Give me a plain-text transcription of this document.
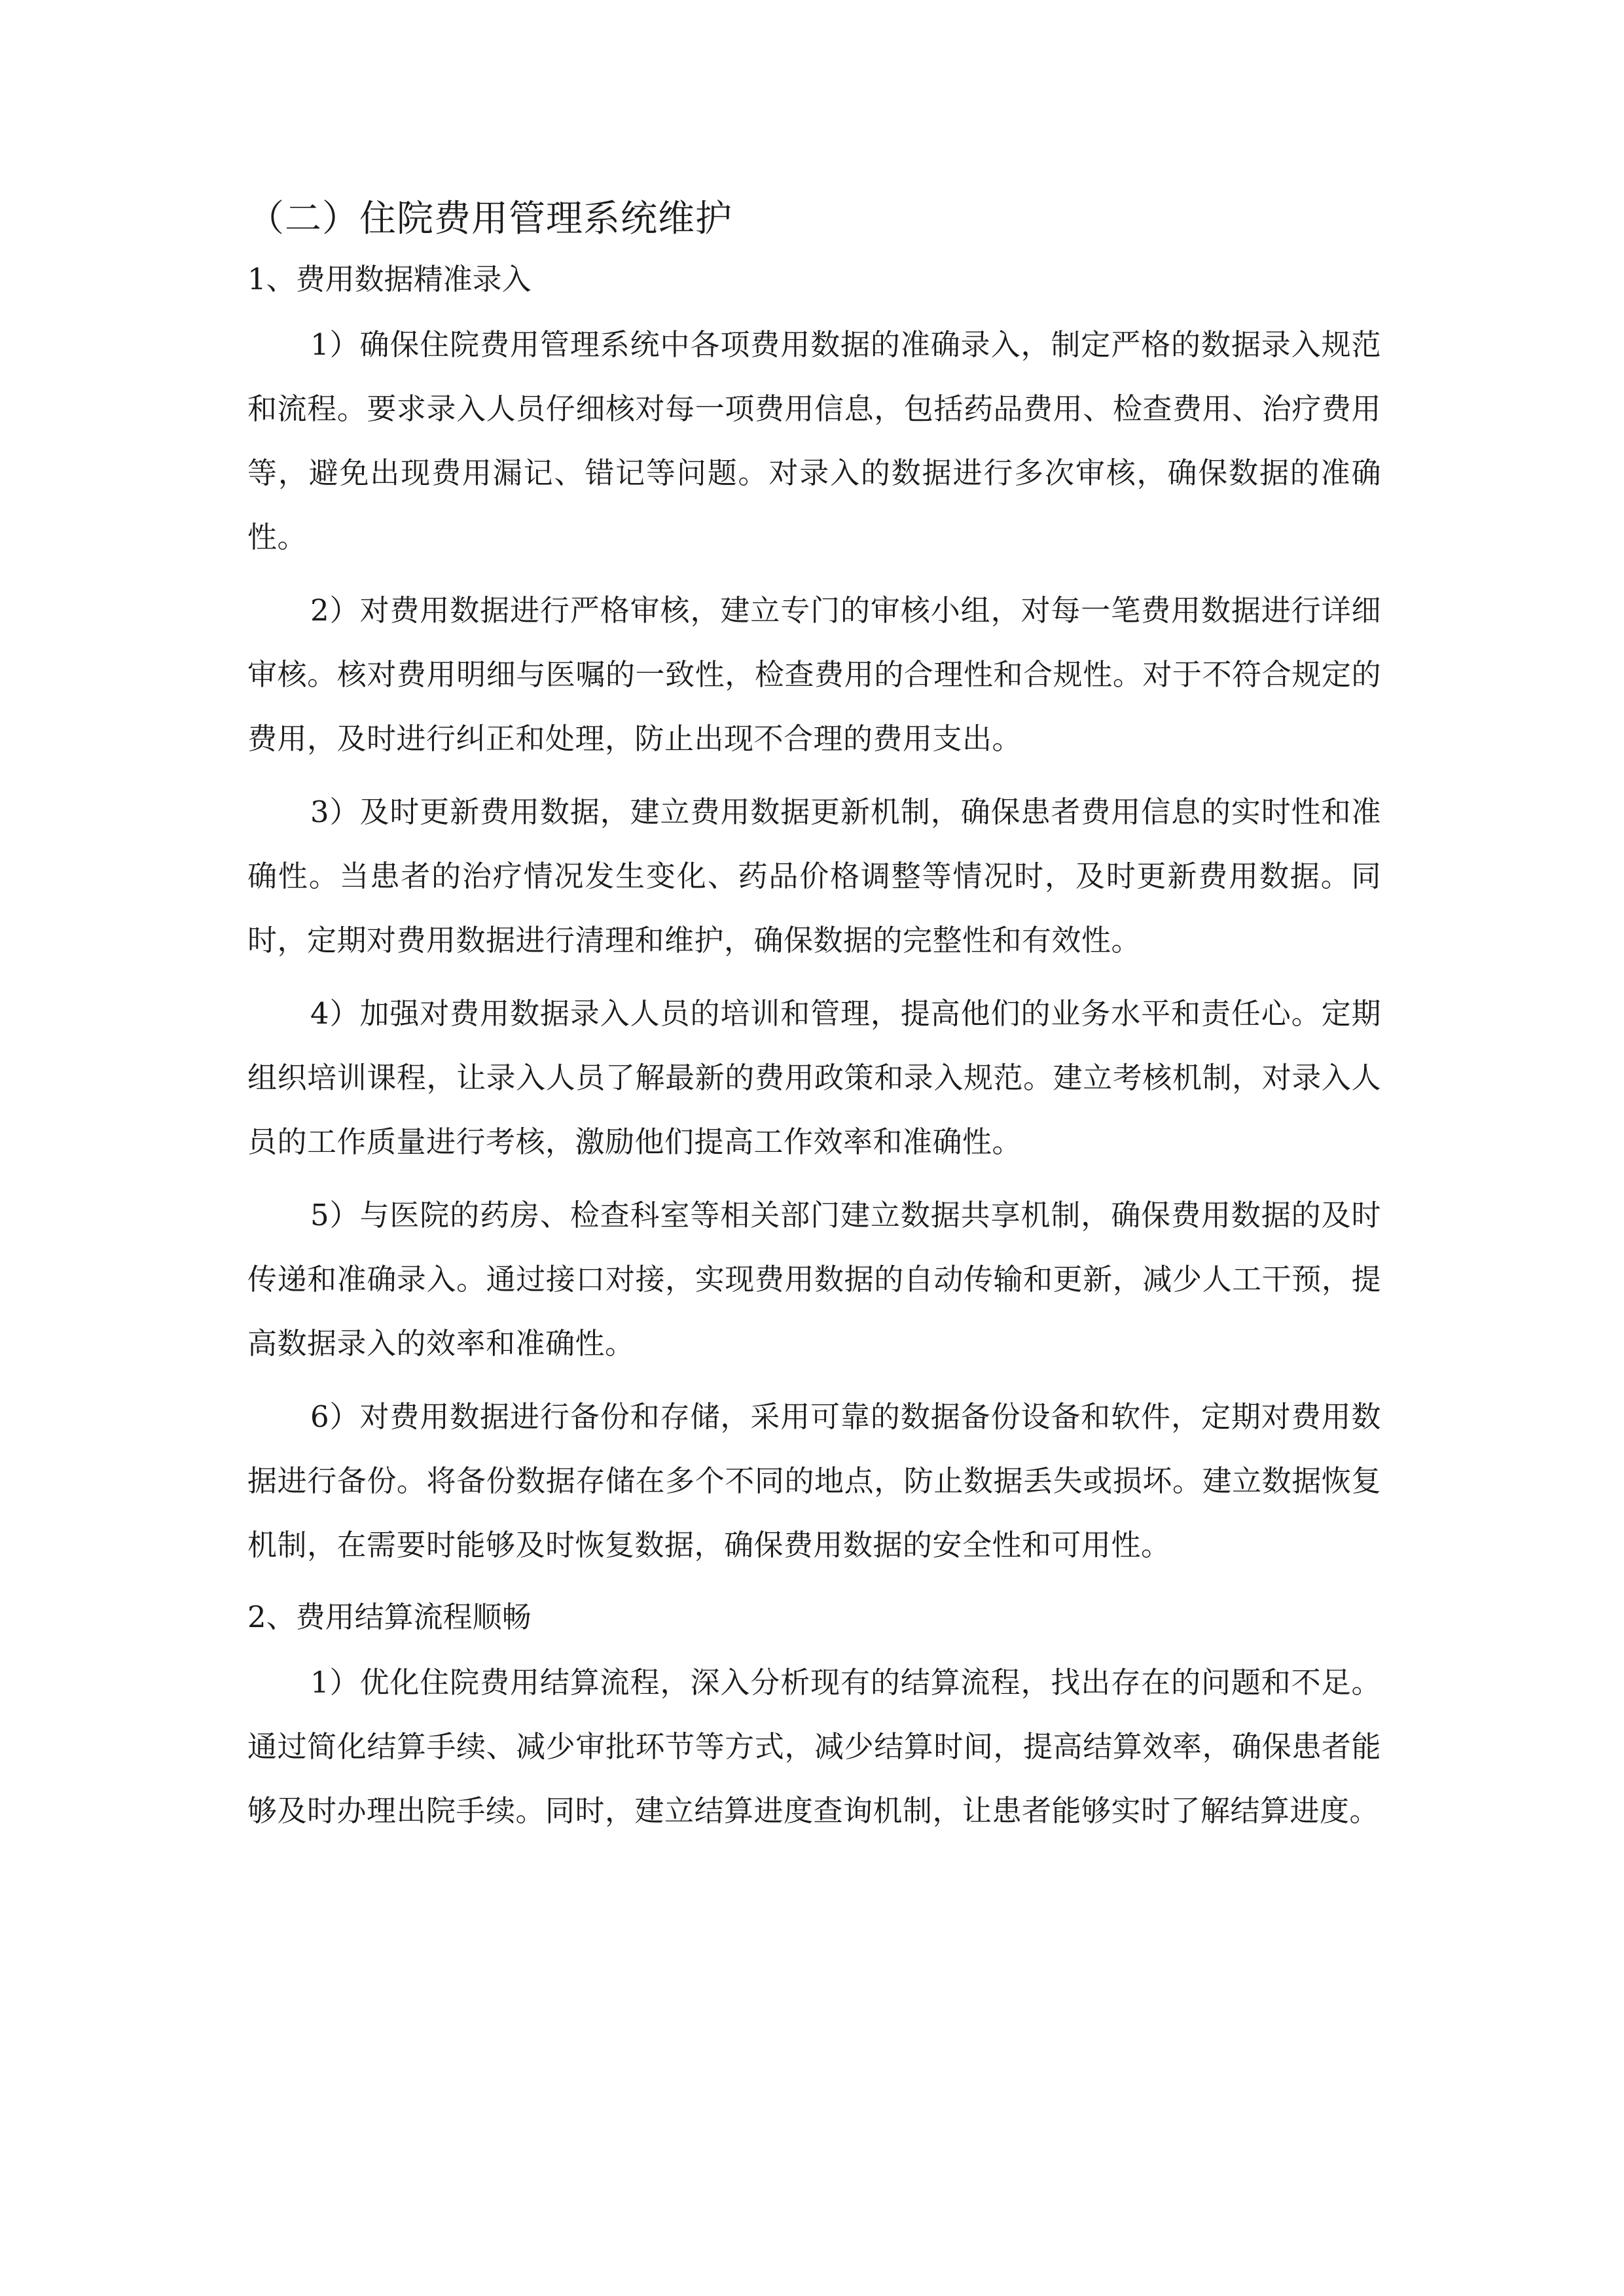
（二）住院费用管理系统维护
1、费用数据精准录入

1）确保住院费用管理系统中各项费用数据的准确录入，制定严格的数据录入规范和流程。要求录入人员仔细核对每一项费用信息，包括药品费用、检查费用、治疗费用等，避免出现费用漏记、错记等问题。对录入的数据进行多次审核，确保数据的准确性。

2）对费用数据进行严格审核，建立专门的审核小组，对每一笔费用数据进行详细审核。核对费用明细与医嘱的一致性，检查费用的合理性和合规性。对于不符合规定的费用，及时进行纠正和处理，防止出现不合理的费用支出。

3）及时更新费用数据，建立费用数据更新机制，确保患者费用信息的实时性和准确性。当患者的治疗情况发生变化、药品价格调整等情况时，及时更新费用数据。同时，定期对费用数据进行清理和维护，确保数据的完整性和有效性。

4）加强对费用数据录入人员的培训和管理，提高他们的业务水平和责任心。定期组织培训课程，让录入人员了解最新的费用政策和录入规范。建立考核机制，对录入人员的工作质量进行考核，激励他们提高工作效率和准确性。

5）与医院的药房、检查科室等相关部门建立数据共享机制，确保费用数据的及时传递和准确录入。通过接口对接，实现费用数据的自动传输和更新，减少人工干预，提高数据录入的效率和准确性。

6）对费用数据进行备份和存储，采用可靠的数据备份设备和软件，定期对费用数据进行备份。将备份数据存储在多个不同的地点，防止数据丢失或损坏。建立数据恢复机制，在需要时能够及时恢复数据，确保费用数据的安全性和可用性。

2、费用结算流程顺畅

1）优化住院费用结算流程，深入分析现有的结算流程，找出存在的问题和不足。通过简化结算手续、减少审批环节等方式，减少结算时间，提高结算效率，确保患者能够及时办理出院手续。同时，建立结算进度查询机制，让患者能够实时了解结算进度。
